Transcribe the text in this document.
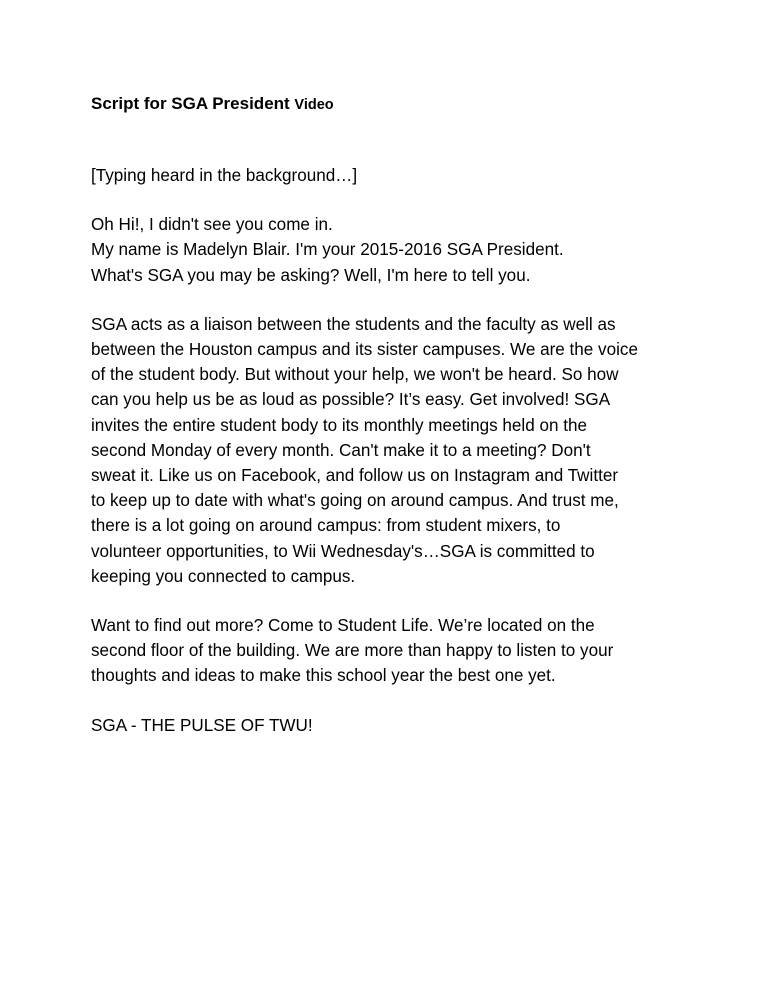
Script for SGA President Video

[Typing heard in the background…]

Oh Hi!, I didn't see you come in.
My name is Madelyn Blair. I'm your 2015-2016 SGA President.
What's SGA you may be asking? Well, I'm here to tell you.

SGA acts as a liaison between the students and the faculty as well as
between the Houston campus and its sister campuses. We are the voice
of the student body. But without your help, we won't be heard. So how
can you help us be as loud as possible? It’s easy. Get involved! SGA
invites the entire student body to its monthly meetings held on the
second Monday of every month. Can't make it to a meeting? Don't
sweat it. Like us on Facebook, and follow us on Instagram and Twitter
to keep up to date with what's going on around campus. And trust me,
there is a lot going on around campus: from student mixers, to
volunteer opportunities, to Wii Wednesday's…SGA is committed to
keeping you connected to campus.

Want to find out more? Come to Student Life. We’re located on the
second floor of the building. We are more than happy to listen to your
thoughts and ideas to make this school year the best one yet.

SGA - THE PULSE OF TWU!
